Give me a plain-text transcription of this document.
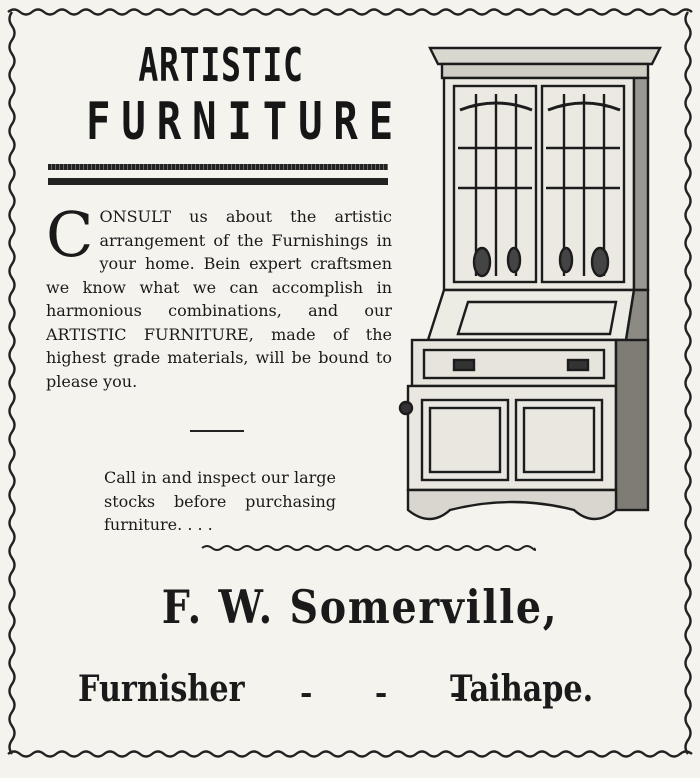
ARTISTIC
FURNITURE
CONSULT us about the artistic arrangement of the Furnishings in your home. Bein expert craftsmen we know what we can accomplish in harmonious combinations, and our ARTISTIC FURNITURE, made of the highest grade materials, will be bound to please you.
Call in and inspect our large stocks before purchasing furniture. . . .
F. W. Somerville,
Furnisher - - -
Taihape.
